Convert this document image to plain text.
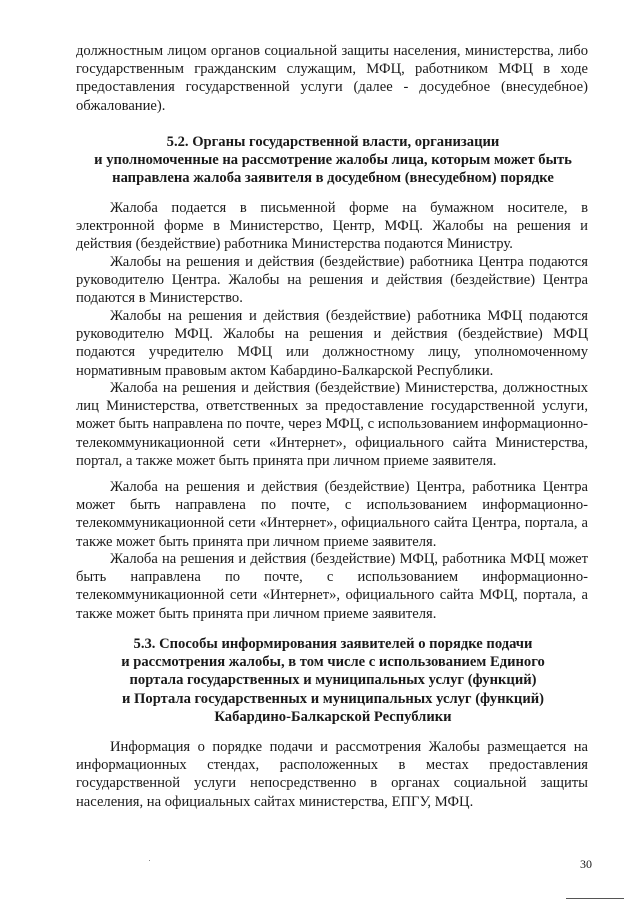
должностным лицом органов социальной защиты населения, министерства, либо государственным гражданским служащим, МФЦ, работником МФЦ в ходе предоставления государственной услуги (далее - досудебное (внесудебное) обжалование).

5.2. Органы государственной власти, организации
и уполномоченные на рассмотрение жалобы лица, которым может быть
направлена жалоба заявителя в досудебном (внесудебном) порядке

Жалоба подается в письменной форме на бумажном носителе, в электронной форме в Министерство, Центр, МФЦ. Жалобы на решения и действия (бездействие) работника Министерства подаются Министру.

Жалобы на решения и действия (бездействие) работника Центра подаются руководителю Центра. Жалобы на решения и действия (бездействие) Центра подаются в Министерство.

Жалобы на решения и действия (бездействие) работника МФЦ подаются руководителю МФЦ. Жалобы на решения и действия (бездействие) МФЦ подаются учредителю МФЦ или должностному лицу, уполномоченному нормативным правовым актом Кабардино-Балкарской Республики.

Жалоба на решения и действия (бездействие) Министерства, должностных лиц Министерства, ответственных за предоставление государственной услуги, может быть направлена по почте, через МФЦ, с использованием информационно-телекоммуникационной сети «Интернет», официального сайта Министерства, портал, а также может быть принята при личном приеме заявителя.

Жалоба на решения и действия (бездействие) Центра, работника Центра может быть направлена по почте, с использованием информационно-телекоммуникационной сети «Интернет», официального сайта Центра, портала, а также может быть принята при личном приеме заявителя.

Жалоба на решения и действия (бездействие) МФЦ, работника МФЦ может быть направлена по почте, с использованием информационно-телекоммуникационной сети «Интернет», официального сайта МФЦ, портала, а также может быть принята при личном приеме заявителя.

5.3. Способы информирования заявителей о порядке подачи
и рассмотрения жалобы, в том числе с использованием Единого
портала государственных и муниципальных услуг (функций)
и Портала государственных и муниципальных услуг (функций)
Кабардино-Балкарской Республики

Информация о порядке подачи и рассмотрения Жалобы размещается на информационных стендах, расположенных в местах предоставления государственной услуги непосредственно в органах социальной защиты населения, на официальных сайтах министерства, ЕПГУ, МФЦ.

30
